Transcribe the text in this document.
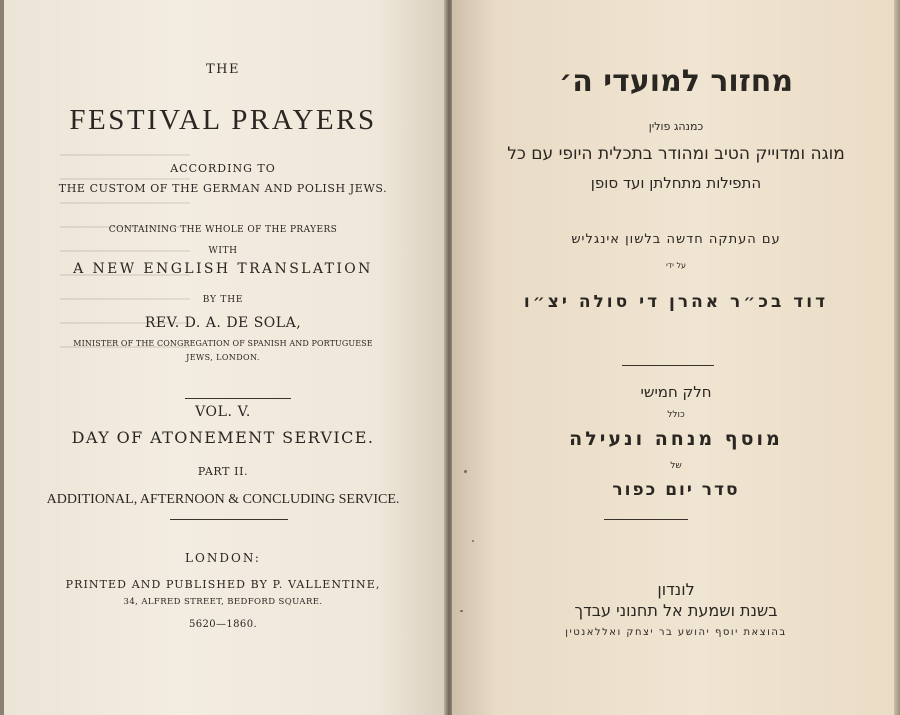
THE
FESTIVAL PRAYERS
ACCORDING TO
THE CUSTOM OF THE GERMAN AND POLISH JEWS.
CONTAINING THE WHOLE OF THE PRAYERS
WITH
A NEW ENGLISH TRANSLATION
BY THE
REV. D. A. DE SOLA,
MINISTER OF THE CONGREGATION OF SPANISH AND PORTUGUESE
JEWS, LONDON.
VOL. V.
DAY OF ATONEMENT SERVICE.
PART II.
ADDITIONAL, AFTERNOON & CONCLUDING SERVICE.
LONDON:
PRINTED AND PUBLISHED BY P. VALLENTINE,
34, ALFRED STREET, BEDFORD SQUARE.
5620—1860.
מחזור למועדי ה׳
כמנהג פולין
מוגה ומדוייק הטיב ומהודר בתכלית היופי עם כל
התפילות מתחלתן ועד סופן
עם העתקה חדשה בלשון אינגליש
על ידי
דוד בכ״ר אהרן די סולה יצ״ו
חלק חמישי
כולל
מוסף מנחה ונעילה
של
סדר יום כפור
לונדון
בשנת ושמעת אל תחנוני עבדך
בהוצאת יוסף יהושע בר יצחק ואללאנטין
